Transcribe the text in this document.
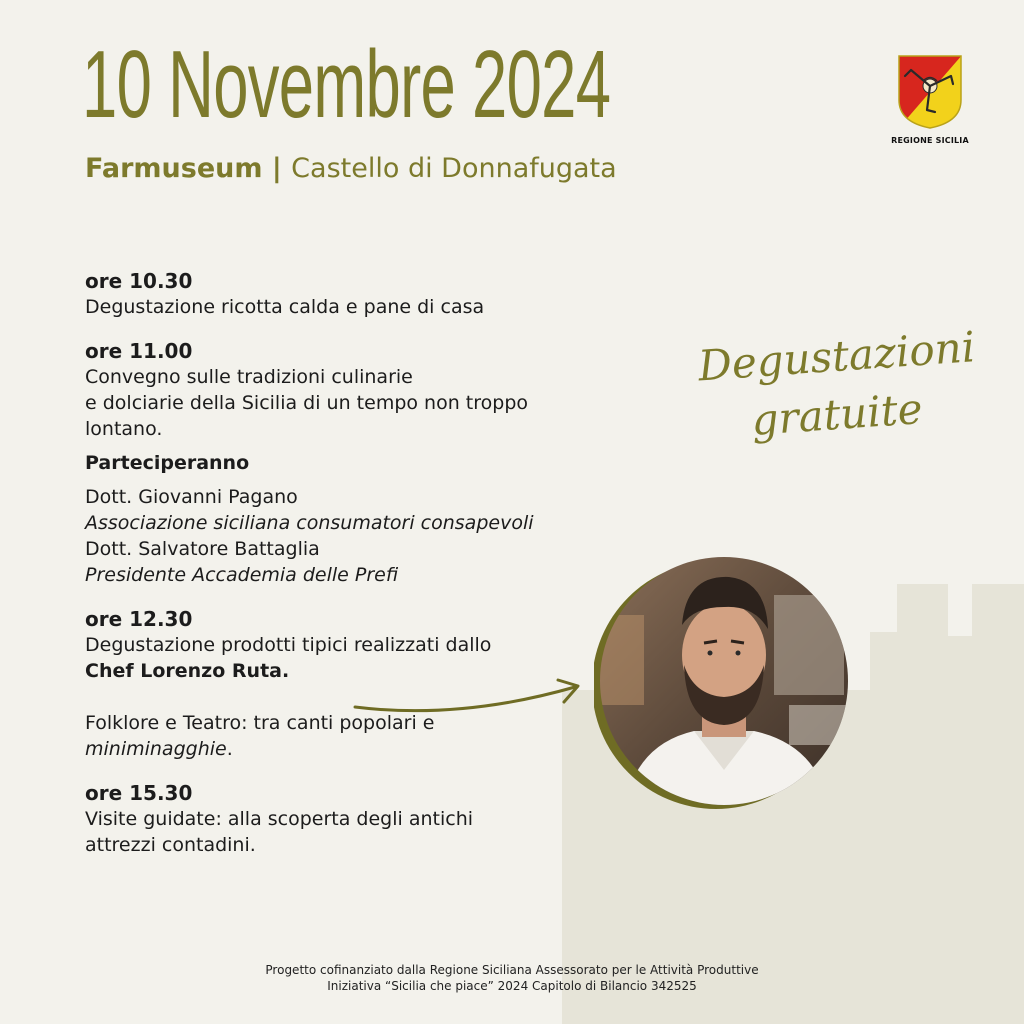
10 Novembre 2024
Farmuseum | Castello di Donnafugata
REGIONE SICILIA
Degustazioni
gratuite

ore 10.30

Degustazione ricotta calda e pane di casa

ore 11.00

Convegno sulle tradizioni culinarie

e dolciarie della Sicilia di un tempo non troppo

lontano.

Parteciperanno

Dott. Giovanni Pagano

Associazione siciliana consumatori consapevoli

Dott. Salvatore Battaglia

Presidente Accademia delle Prefi

ore 12.30

Degustazione prodotti tipici realizzati dallo

Chef Lorenzo Ruta.

Folklore e Teatro: tra canti popolari e

miniminagghie.

ore 15.30

Visite guidate: alla scoperta degli antichi

attrezzi contadini.

Progetto cofinanziato dalla Regione Siciliana Assessorato per le Attività Produttive
Iniziativa “Sicilia che piace” 2024 Capitolo di Bilancio 342525
